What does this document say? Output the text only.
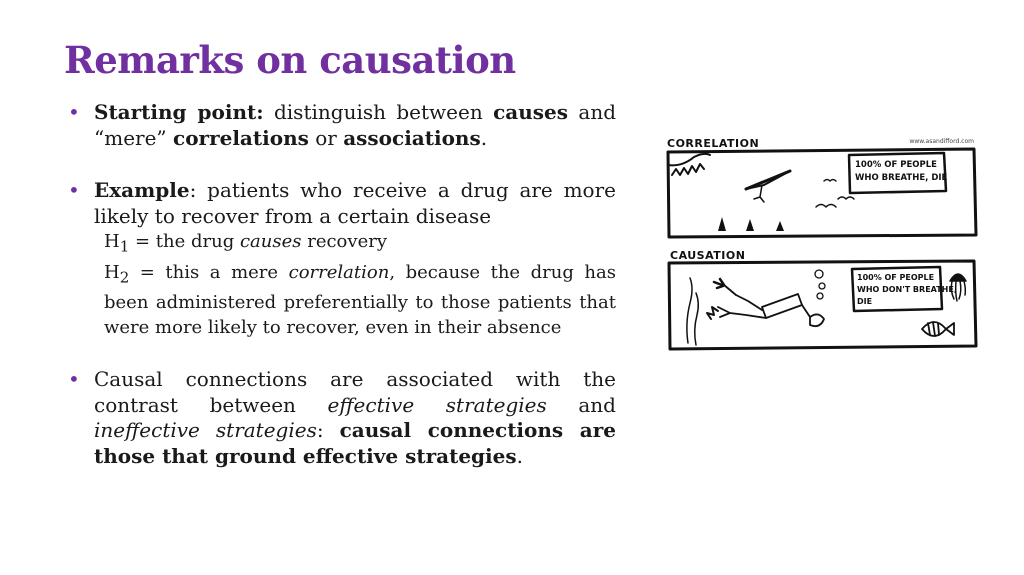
Remarks on causation
• Starting point: distinguish between causes and “mere” correlations or associations.

• Example: patients who receive a drug are more likely to recover from a certain disease

$H_1$ = the drug causes recovery

$H_2$ = this a mere correlation, because the drug has been administered preferentially to those patients that were more likely to recover, even in their absence

• Causal connections are associated with the contrast between effective strategies and ineffective strategies: causal connections are those that ground effective strategies.

www.asandifford.com
CORRELATION
100% OF PEOPLE WHO BREATHE, DIE
CAUSATION
100% OF PEOPLE WHO DON'T BREATHE, DIE
